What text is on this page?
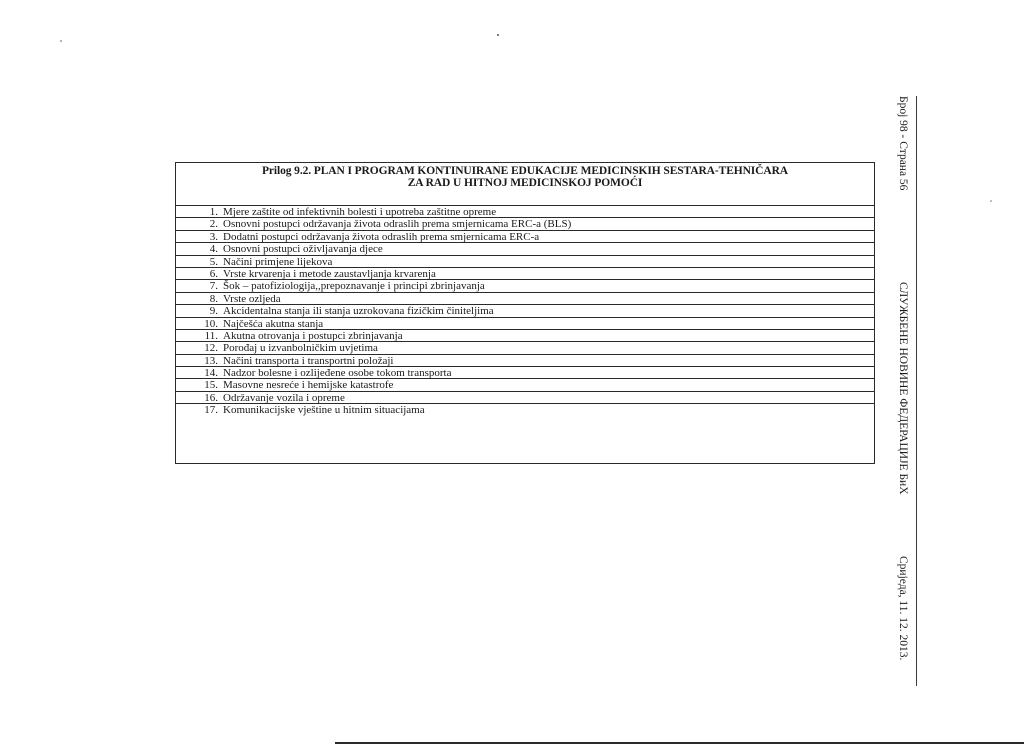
Prilog 9.2. PLAN I PROGRAM KONTINUIRANE EDUKACIJE MEDICINSKIH SESTARA-TEHNIČARA
ZA RAD U HITNOJ MEDICINSKOJ POMOĆI
1. Mjere zaštite od infektivnih bolesti i upotreba zaštitne opreme
2. Osnovni postupci održavanja života odraslih prema smjernicama ERC-a (BLS)
3. Dodatni postupci održavanja života odraslih prema smjernicama ERC-a
4. Osnovni postupci oživljavanja djece
5. Načini primjene lijekova
6. Vrste krvarenja i metode zaustavljanja krvarenja
7. Šok – patofiziologija,,prepoznavanje i principi zbrinjavanja
8. Vrste ozljeda
9. Akcidentalna stanja ili stanja uzrokovana fizičkim činiteljima
10. Najčešća akutna stanja
11. Akutna otrovanja i postupci zbrinjavanja
12. Porođaj u izvanbolničkim uvjetima
13. Načini transporta i transportni položaji
14. Nadzor bolesne i ozlijeđene osobe tokom transporta
15. Masovne nesreće i hemijske katastrofe
16. Održavanje vozila i opreme
17. Komunikacijske vještine u hitnim situacijama
Број 98 - Страна 56
СЛУЖБЕНЕ НОВИНЕ ФЕДЕРАЦИЈЕ БиХ
Сриједа, 11. 12. 2013.
